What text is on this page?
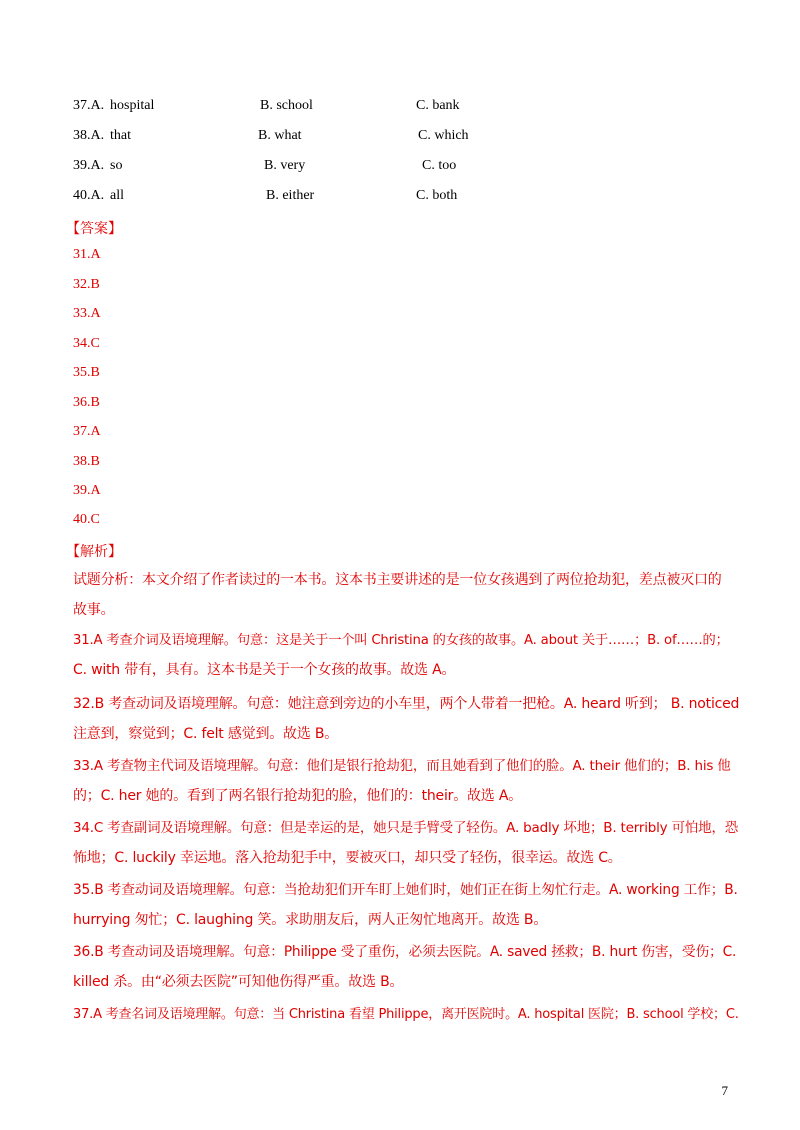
37.A. hospital	B. school	C. bank
38.A. that	B. what	C. which
39.A. so	B. very	C. too
40.A. all	B. either	C. both
【答案】
31.A
32.B
33.A
34.C
35.B
36.B
37.A
38.B
39.A
40.C
【解析】
试题分析：本文介绍了作者读过的一本书。这本书主要讲述的是一位女孩遇到了两位抢劫犯，差点被灭口的
故事。
31.A 考查介词及语境理解。句意：这是关于一个叫 Christina 的女孩的故事。A. about 关于……；B. of……的；
C. with 带有，具有。这本书是关于一个女孩的故事。故选 A。
32.B 考查动词及语境理解。句意：她注意到旁边的小车里，两个人带着一把枪。A. heard 听到； B. noticed
注意到，察觉到；C. felt 感觉到。故选 B。
33.A 考查物主代词及语境理解。句意：他们是银行抢劫犯，而且她看到了他们的脸。A. their 他们的；B. his 他
的；C. her 她的。看到了两名银行抢劫犯的脸，他们的：their。故选 A。
34.C 考查副词及语境理解。句意：但是幸运的是，她只是手臂受了轻伤。A. badly 坏地；B. terribly 可怕地，恐
怖地；C. luckily 幸运地。落入抢劫犯手中，要被灭口，却只受了轻伤，很幸运。故选 C。
35.B 考查动词及语境理解。句意：当抢劫犯们开车盯上她们时，她们正在街上匆忙行走。A. working 工作；B.
hurrying 匆忙；C. laughing 笑。求助朋友后，两人正匆忙地离开。故选 B。
36.B 考查动词及语境理解。句意：Philippe 受了重伤，必须去医院。A. saved 拯救；B. hurt 伤害，受伤；C.
killed 杀。由“必须去医院”可知他伤得严重。故选 B。
37.A 考查名词及语境理解。句意：当 Christina 看望 Philippe，离开医院时。A. hospital 医院；B. school 学校；C.
7
